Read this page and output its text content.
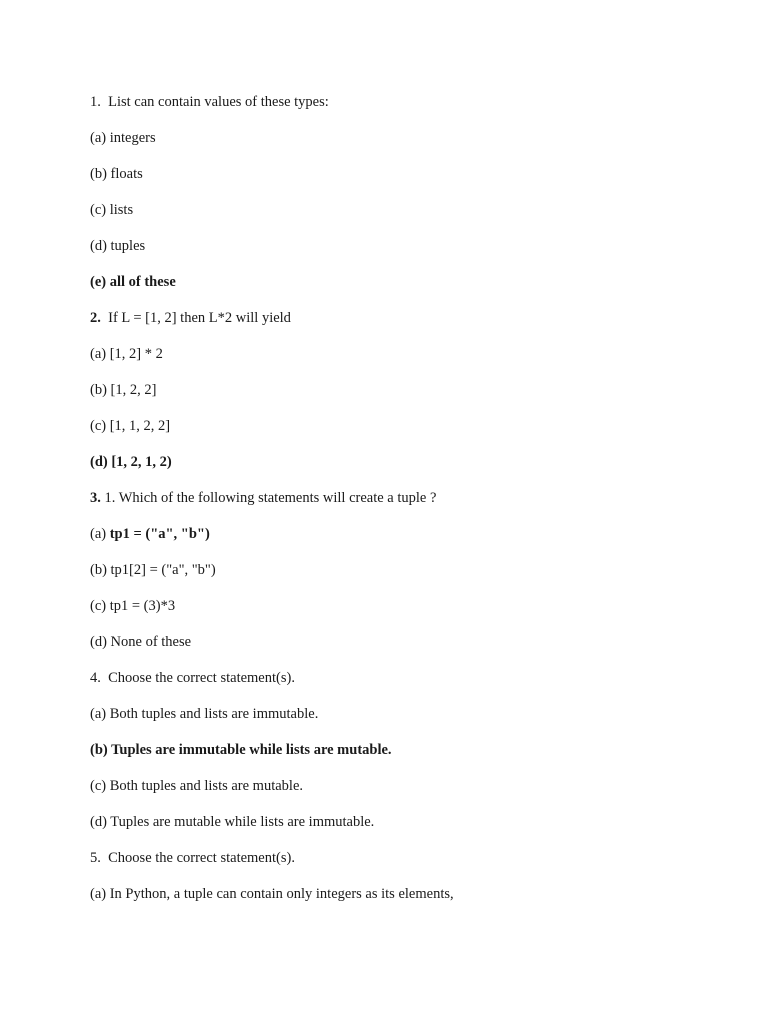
1. List can contain values of these types:
(a) integers
(b) floats
(c) lists
(d) tuples
(e) all of these
2. If L = [1, 2] then L*2 will yield
(a) [1, 2] * 2
(b) [1, 2, 2]
(c) [1, 1, 2, 2]
(d) [1, 2, 1, 2)
3. 1. Which of the following statements will create a tuple ?
(a) tp1 = ("a", "b")
(b) tp1[2] = ("a", "b")
(c) tp1 = (3)*3
(d) None of these
4. Choose the correct statement(s).
(a) Both tuples and lists are immutable.
(b) Tuples are immutable while lists are mutable.
(c) Both tuples and lists are mutable.
(d) Tuples are mutable while lists are immutable.
5. Choose the correct statement(s).
(a) In Python, a tuple can contain only integers as its elements,
